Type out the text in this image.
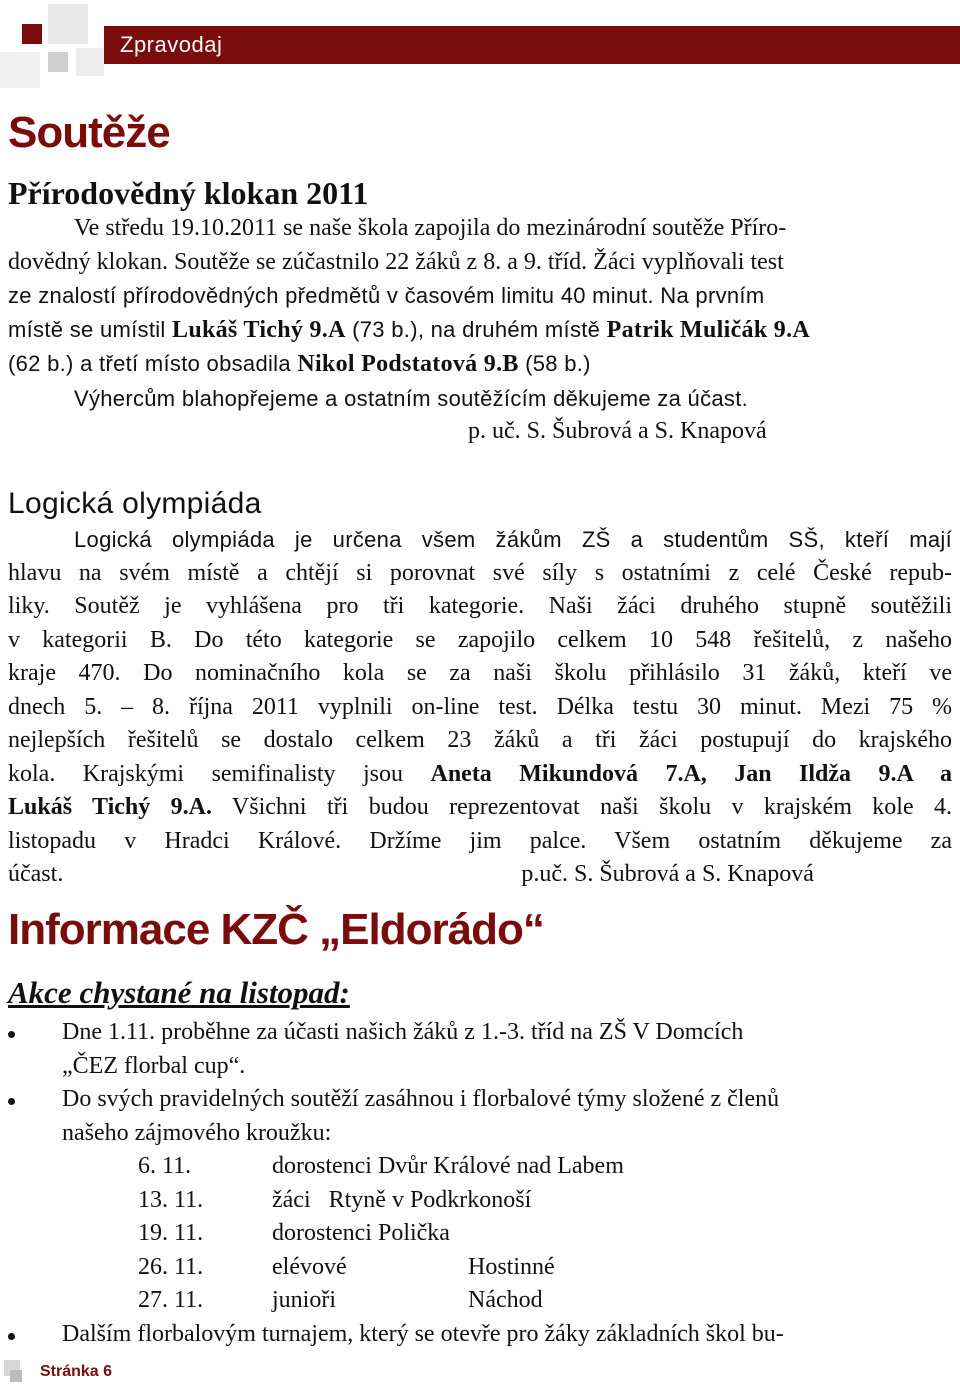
Zpravodaj
Soutěže
Přírodovědný klokan 2011
Ve středu 19.10.2011 se naše škola zapojila do mezinárodní soutěže Příro-
dovědný klokan. Soutěže se zúčastnilo 22 žáků z 8. a 9. tříd. Žáci vyplňovali test
ze znalostí přírodovědných předmětů v časovém limitu 40 minut. Na prvním
místě se umístil Lukáš Tichý 9.A (73 b.), na druhém místě Patrik Muličák 9.A
(62 b.) a třetí místo obsadila Nikol Podstatová 9.B (58 b.)
Výhercům blahopřejeme a ostatním soutěžícím děkujeme za účast.
p. uč. S. Šubrová a S. Knapová
Logická olympiáda
Logická olympiáda je určena všem žákům ZŠ a studentům SŠ, kteří mají
hlavu na svém místě a chtějí si porovnat své síly s ostatními z celé České repub-
liky. Soutěž je vyhlášena pro tři kategorie. Naši žáci druhého stupně soutěžili
v kategorii B. Do této kategorie se zapojilo celkem 10 548 řešitelů, z našeho
kraje 470. Do nominačního kola se za naši školu přihlásilo 31 žáků, kteří ve
dnech 5. – 8. října 2011 vyplnili on-line test. Délka testu 30 minut. Mezi 75 %
nejlepších řešitelů se dostalo celkem 23 žáků a tři žáci postupují do krajského
kola. Krajskými semifinalisty jsou Aneta Mikundová 7.A, Jan Ildža 9.A a
Lukáš Tichý 9.A. Všichni tři budou reprezentovat naši školu v krajském kole 4.
listopadu v Hradci Králové. Držíme jim palce. Všem ostatním děkujeme za
účast.	p.uč. S. Šubrová a S. Knapová
Informace KZČ „Eldorádo“
Akce chystané na listopad:
Dne 1.11. proběhne za účasti našich žáků z 1.-3. tříd na ZŠ V Domcích
„ČEZ florbal cup“.
Do svých pravidelných soutěží zasáhnou i florbalové týmy složené z členů
našeho zájmového kroužku:
6. 11.	dorostenci Dvůr Králové nad Labem
13. 11.	žáci   Rtyně v Podkrkonoší
19. 11.	dorostenci Polička
26. 11.	elévové	Hostinné
27. 11.	junioři	Náchod
Dalším florbalovým turnajem, který se otevře pro žáky základních škol bu-
Stránka 6
